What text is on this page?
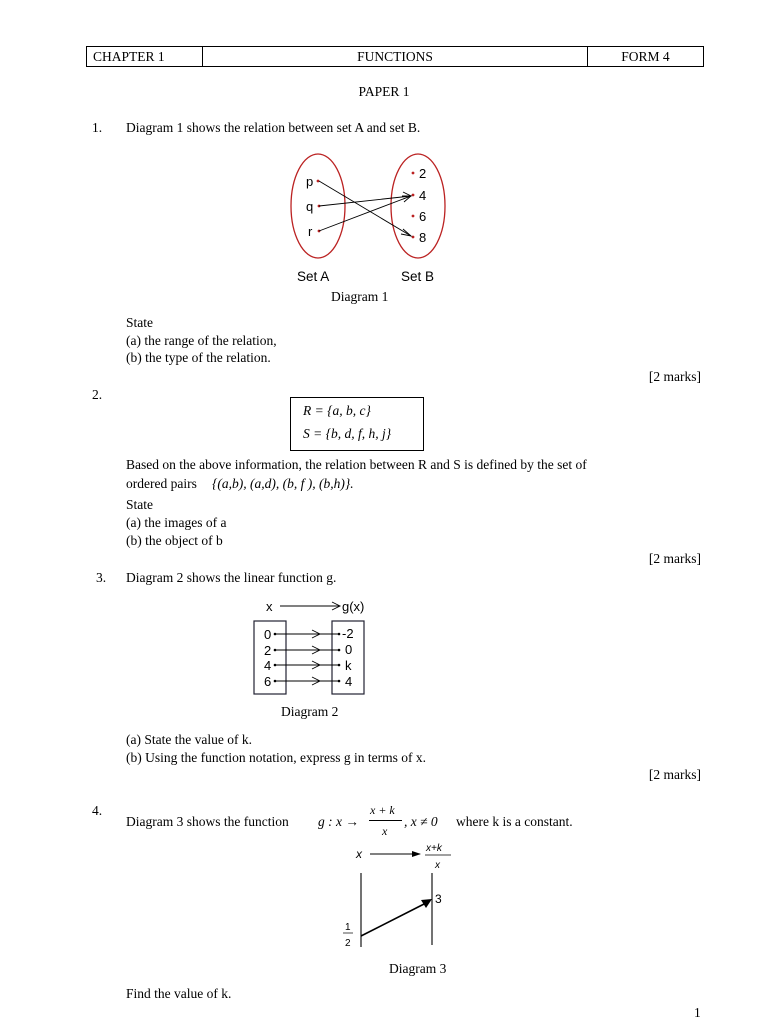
CHAPTER 1	FUNCTIONS	FORM 4
PAPER 1
1. Diagram 1 shows the relation between set A and set B.
p
q
r
2
4
6
8
Set A	Set B
Diagram 1
State
(a) the range of the relation,
(b) the type of the relation.
[2 marks]
2.
R = {a, b, c}
S = {b, d, f, h, j}
Based on the above information, the relation between R and S is defined by the set of
ordered pairs {(a,b), (a,d), (b, f ), (b,h)}.
State
(a) the images of a
(b) the object of b
[2 marks]
3. Diagram 2 shows the linear function g.
x	g(x)
0
2
4
6
-2
0
k
4
Diagram 2
(a) State the value of k.
(b) Using the function notation, express g in terms of x.
[2 marks]
4.
Diagram 3 shows the function g : x →
x + k
x
, x ≠ 0 where k is a constant.
x	x+k
x
1
2
3
Diagram 3
Find the value of k.
1
